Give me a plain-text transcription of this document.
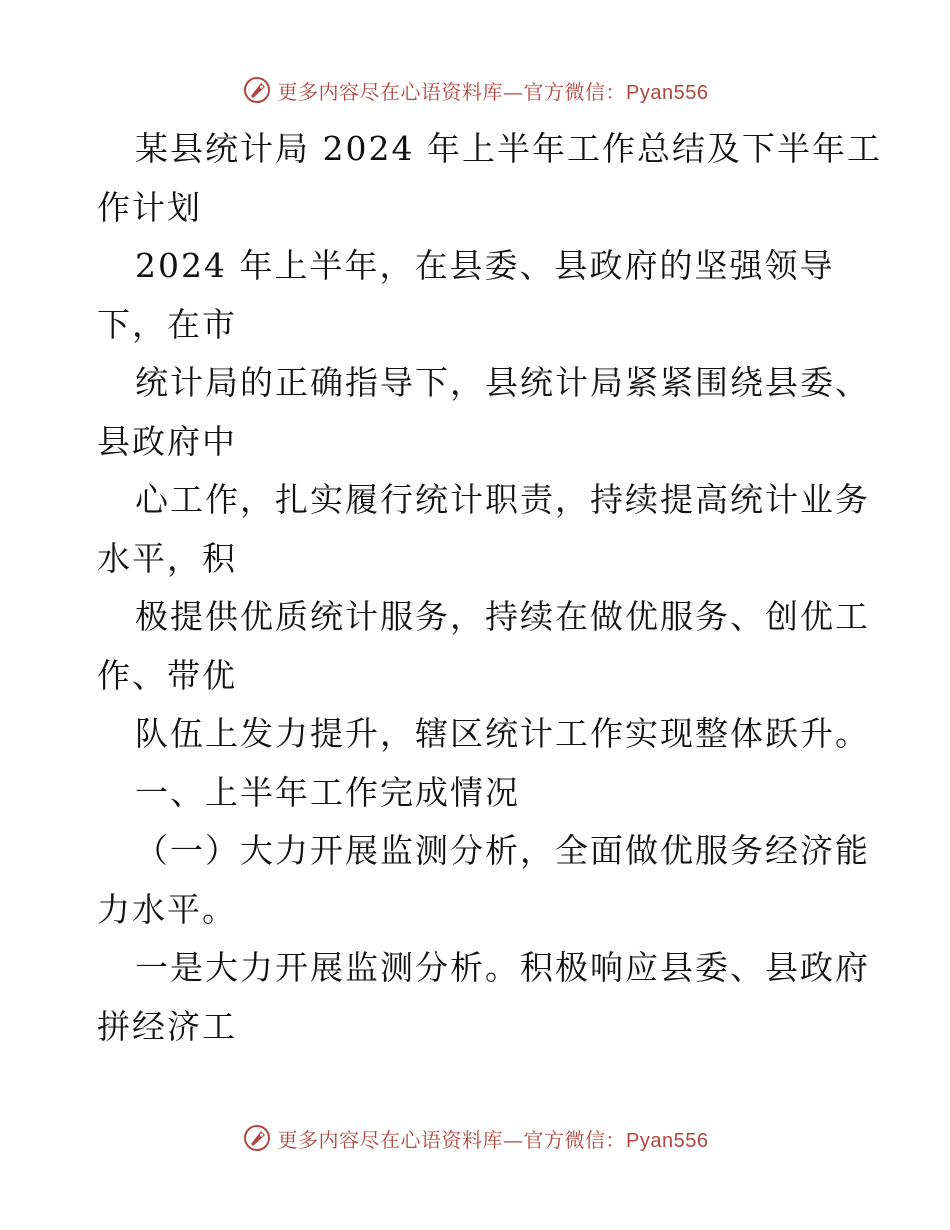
更多内容尽在心语资料库—官方微信：Pyan556
某县统计局 2024 年上半年工作总结及下半年工
作计划
2024 年上半年，在县委、县政府的坚强领导
下，在市
统计局的正确指导下，县统计局紧紧围绕县委、
县政府中
心工作，扎实履行统计职责，持续提高统计业务
水平，积
极提供优质统计服务，持续在做优服务、创优工
作、带优
队伍上发力提升，辖区统计工作实现整体跃升。
一、上半年工作完成情况
（一）大力开展监测分析，全面做优服务经济能
力水平。
一是大力开展监测分析。积极响应县委、县政府
拼经济工
更多内容尽在心语资料库—官方微信：Pyan556
